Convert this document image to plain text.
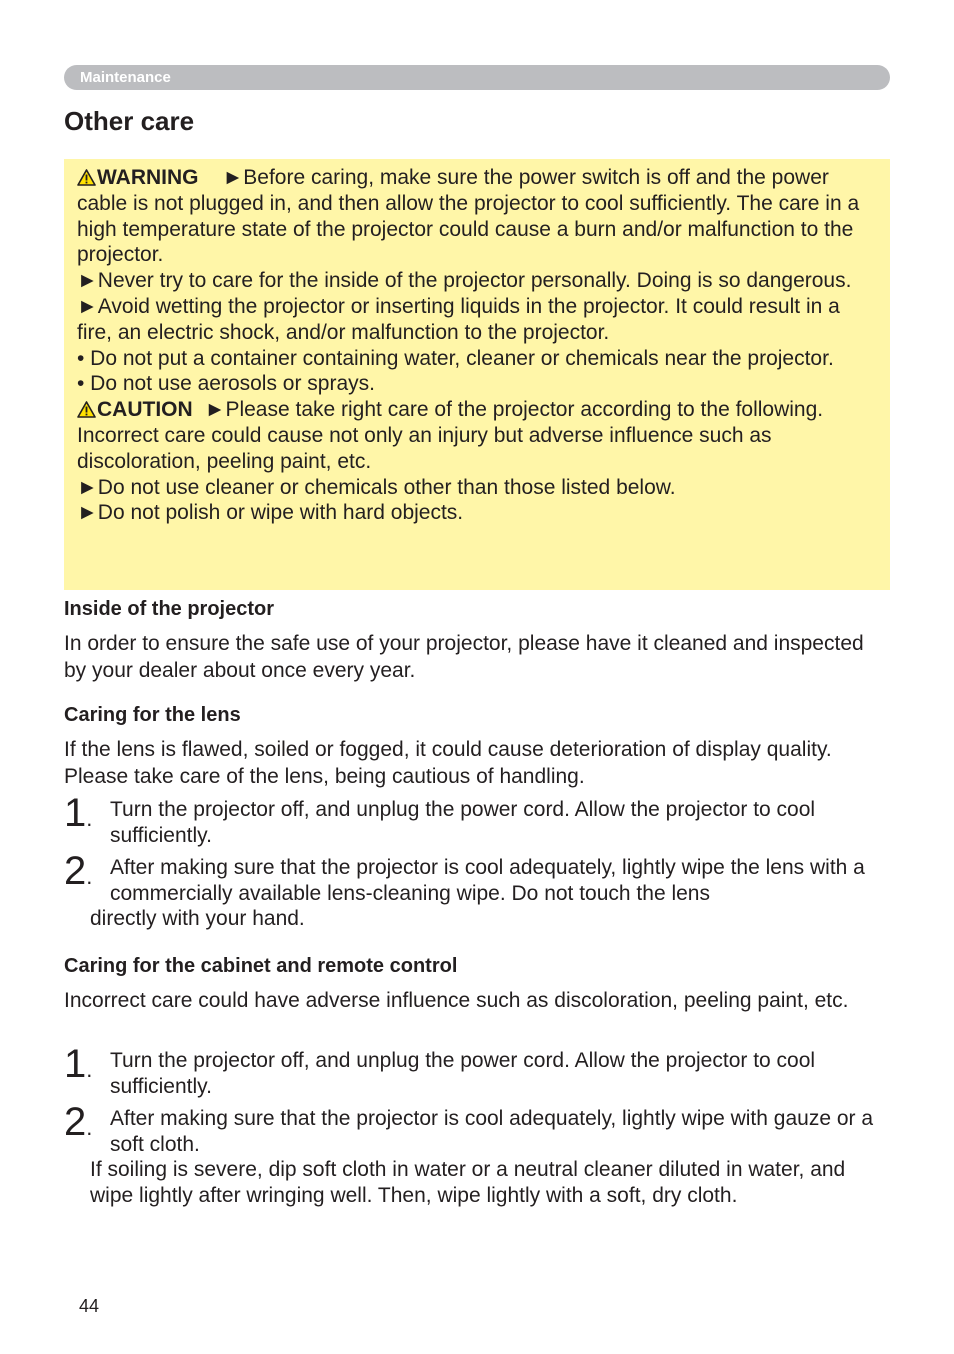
Maintenance
Other care

WARNING ►Before caring, make sure the power switch is off and the power cable is not plugged in, and then allow the projector to cool sufficiently. The care in a high temperature state of the projector could cause a burn and/or malfunction to the projector.

►Never try to care for the inside of the projector personally. Doing is so dangerous.

►Avoid wetting the projector or inserting liquids in the projector. It could result in a fire, an electric shock, and/or malfunction to the projector.

• Do not put a container containing water, cleaner or chemicals near the projector.

• Do not use aerosols or sprays.

CAUTION ►Please take right care of the projector according to the following. Incorrect care could cause not only an injury but adverse influence such as discoloration, peeling paint, etc.

►Do not use cleaner or chemicals other than those listed below.

►Do not polish or wipe with hard objects.

Inside of the projector

In order to ensure the safe use of your projector, please have it cleaned and inspected by your dealer about once every year.

Caring for the lens

If the lens is flawed, soiled or fogged, it could cause deterioration of display quality. Please take care of the lens, being cautious of handling.

1. Turn the projector off, and unplug the power cord. Allow the projector to cool sufficiently.

2. After making sure that the projector is cool adequately, lightly wipe the lens with a commercially available lens-cleaning wipe. Do not touch the lens

directly with your hand.

Caring for the cabinet and remote control

Incorrect care could have adverse influence such as discoloration, peeling paint, etc.

1. Turn the projector off, and unplug the power cord. Allow the projector to cool sufficiently.

2. After making sure that the projector is cool adequately, lightly wipe with gauze or a soft cloth.

If soiling is severe, dip soft cloth in water or a neutral cleaner diluted in water, and wipe lightly after wringing well. Then, wipe lightly with a soft, dry cloth.

44
